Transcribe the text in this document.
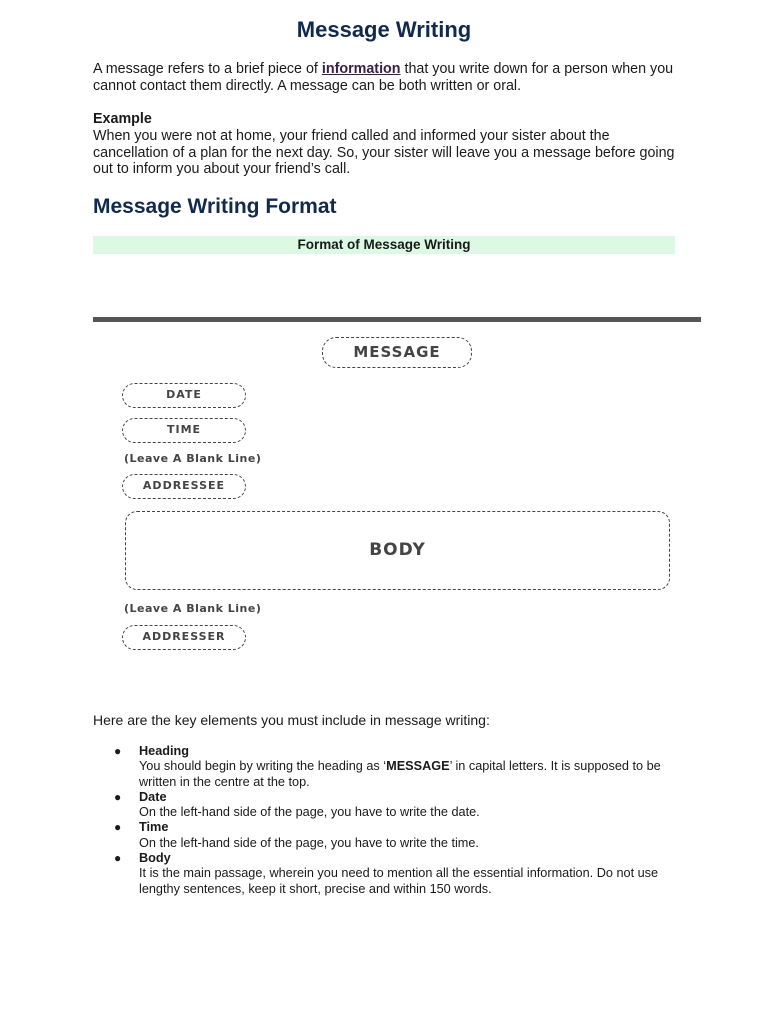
Message Writing
A message refers to a brief piece of information that you write down for a person when you cannot contact them directly. A message can be both written or oral.
Example
When you were not at home, your friend called and informed your sister about the cancellation of a plan for the next day. So, your sister will leave you a message before going out to inform you about your friend’s call.
Message Writing Format
Format of Message Writing
MESSAGE
DATE
TIME
(Leave A Blank Line)
ADDRESSEE
BODY
(Leave A Blank Line)
ADDRESSER
Here are the key elements you must include in message writing:
● Heading
You should begin by writing the heading as ‘MESSAGE’ in capital letters. It is supposed to be written in the centre at the top.
● Date
On the left-hand side of the page, you have to write the date.
● Time
On the left-hand side of the page, you have to write the time.
● Body
It is the main passage, wherein you need to mention all the essential information. Do not use lengthy sentences, keep it short, precise and within 150 words.
